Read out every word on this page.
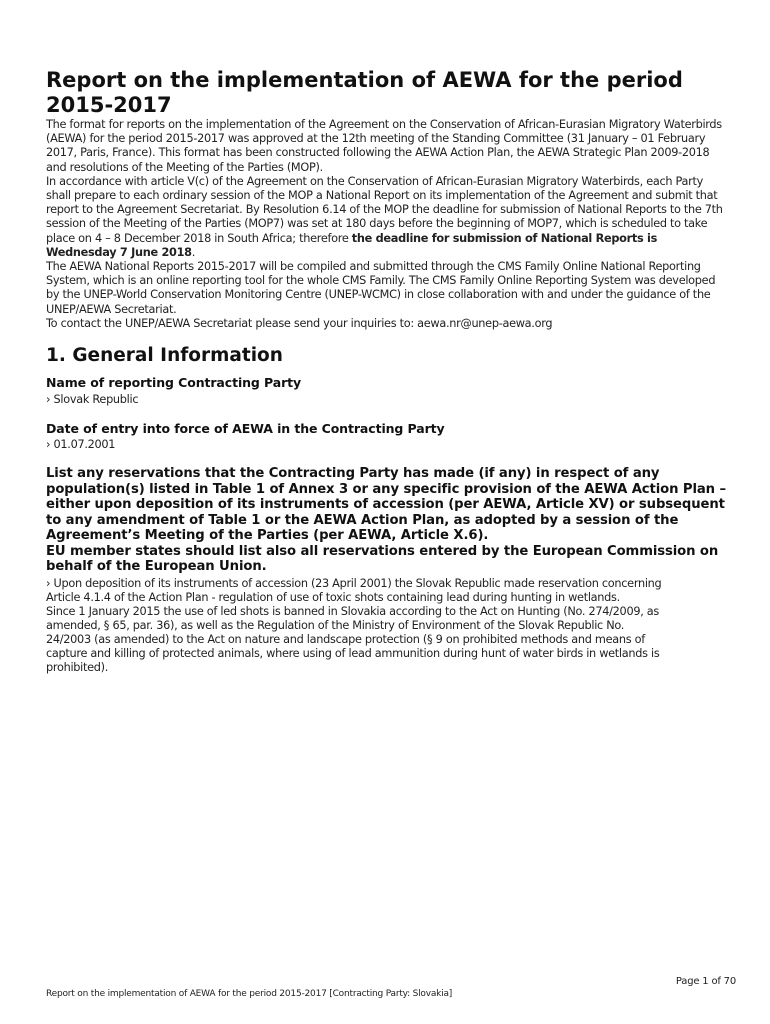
Report on the implementation of AEWA for the period 2015-2017

The format for reports on the implementation of the Agreement on the Conservation of African-Eurasian Migratory Waterbirds (AEWA) for the period 2015-2017 was approved at the 12th meeting of the Standing Committee (31 January – 01 February 2017, Paris, France). This format has been constructed following the AEWA Action Plan, the AEWA Strategic Plan 2009-2018 and resolutions of the Meeting of the Parties (MOP).

In accordance with article V(c) of the Agreement on the Conservation of African-Eurasian Migratory Waterbirds, each Party shall prepare to each ordinary session of the MOP a National Report on its implementation of the Agreement and submit that report to the Agreement Secretariat. By Resolution 6.14 of the MOP the deadline for submission of National Reports to the 7th session of the Meeting of the Parties (MOP7) was set at 180 days before the beginning of MOP7, which is scheduled to take place on 4 – 8 December 2018 in South Africa; therefore the deadline for submission of National Reports is Wednesday 7 June 2018.

The AEWA National Reports 2015-2017 will be compiled and submitted through the CMS Family Online National Reporting System, which is an online reporting tool for the whole CMS Family. The CMS Family Online Reporting System was developed by the UNEP-World Conservation Monitoring Centre (UNEP-WCMC) in close collaboration with and under the guidance of the UNEP/AEWA Secretariat.

To contact the UNEP/AEWA Secretariat please send your inquiries to: aewa.nr@unep-aewa.org

1. General Information

Name of reporting Contracting Party

› Slovak Republic

Date of entry into force of AEWA in the Contracting Party

› 01.07.2001

List any reservations that the Contracting Party has made (if any) in respect of any population(s) listed in Table 1 of Annex 3 or any specific provision of the AEWA Action Plan – either upon deposition of its instruments of accession (per AEWA, Article XV) or subsequent to any amendment of Table 1 or the AEWA Action Plan, as adopted by a session of the Agreement’s Meeting of the Parties (per AEWA, Article X.6).

EU member states should list also all reservations entered by the European Commission on behalf of the European Union.

› Upon deposition of its instruments of accession (23 April 2001) the Slovak Republic made reservation concerning Article 4.1.4 of the Action Plan - regulation of use of toxic shots containing lead during hunting in wetlands.

Since 1 January 2015 the use of led shots is banned in Slovakia according to the Act on Hunting (No. 274/2009, as amended, § 65, par. 36), as well as the Regulation of the Ministry of Environment of the Slovak Republic No. 24/2003 (as amended) to the Act on nature and landscape protection (§ 9 on prohibited methods and means of capture and killing of protected animals, where using of lead ammunition during hunt of water birds in wetlands is prohibited).

Page 1 of 70
Report on the implementation of AEWA for the period 2015-2017 [Contracting Party: Slovakia]
